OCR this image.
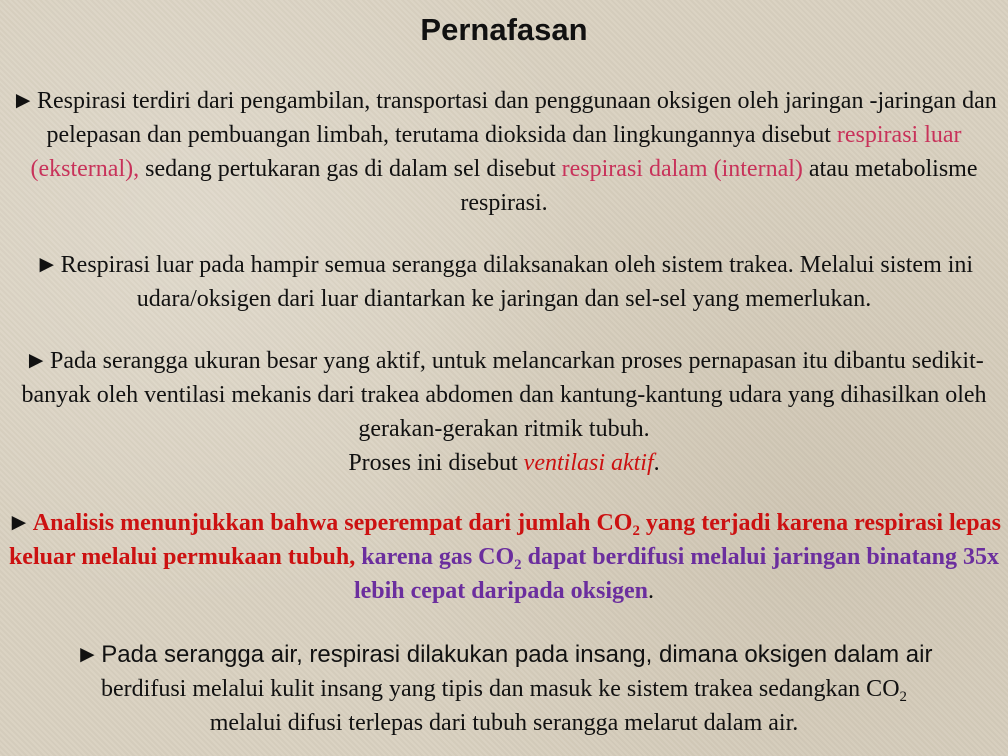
Pernafasan

►Respirasi terdiri dari pengambilan, transportasi dan penggunaan oksigen oleh jaringan -jaringan dan pelepasan dan pembuangan limbah, terutama dioksida dan lingkungannya disebut respirasi luar (eksternal), sedang pertukaran gas di dalam sel disebut respirasi dalam (internal) atau metabolisme respirasi.

►Respirasi luar pada hampir semua serangga dilaksanakan oleh sistem trakea. Melalui sistem ini udara/oksigen dari luar diantarkan ke jaringan dan sel-sel yang memerlukan.

►Pada serangga ukuran besar yang aktif, untuk melancarkan proses pernapasan itu dibantu sedikit-banyak oleh ventilasi mekanis dari trakea abdomen dan kantung-kantung udara yang dihasilkan oleh gerakan-gerakan ritmik tubuh.
Proses ini disebut ventilasi aktif.

►Analisis menunjukkan bahwa seperempat dari jumlah $CO_2$ yang terjadi karena respirasi lepas keluar melalui permukaan tubuh, karena gas $CO_2$ dapat berdifusi melalui jaringan binatang 35x lebih cepat daripada oksigen.

►Pada serangga air, respirasi dilakukan pada insang, dimana oksigen dalam air
berdifusi melalui kulit insang yang tipis dan masuk ke sistem trakea sedangkan $CO_2$
melalui difusi terlepas dari tubuh serangga melarut dalam air.
